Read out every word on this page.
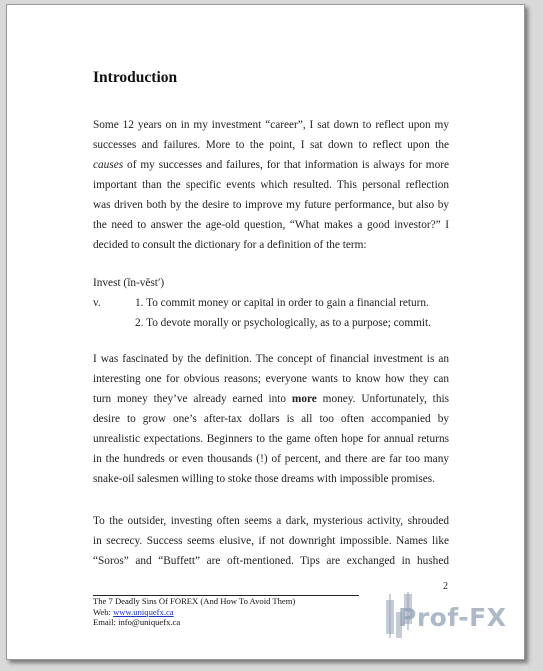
Introduction
Some 12 years on in my investment “career”, I sat down to reflect upon my
successes and failures. More to the point, I sat down to reflect upon the
causes of my successes and failures, for that information is always for more
important than the specific events which resulted. This personal reflection
was driven both by the desire to improve my future performance, but also by
the need to answer the age-old question, “What makes a good investor?” I
decided to consult the dictionary for a definition of the term:
Invest (ĭn-vĕst′)
v.	1. To commit money or capital in order to gain a financial return.
2. To devote morally or psychologically, as to a purpose; commit.
I was fascinated by the definition. The concept of financial investment is an
interesting one for obvious reasons; everyone wants to know how they can
turn money they’ve already earned into more money. Unfortunately, this
desire to grow one’s after-tax dollars is all too often accompanied by
unrealistic expectations. Beginners to the game often hope for annual returns
in the hundreds or even thousands (!) of percent, and there are far too many
snake-oil salesmen willing to stoke those dreams with impossible promises.
To the outsider, investing often seems a dark, mysterious activity, shrouded
in secrecy. Success seems elusive, if not downright impossible. Names like
“Soros” and “Buffett” are oft-mentioned. Tips are exchanged in hushed
2
The 7 Deadly Sins Of FOREX (And How To Avoid Them)
Web: www.uniquefx.ca
Email: info@uniquefx.ca	Prof-FX
